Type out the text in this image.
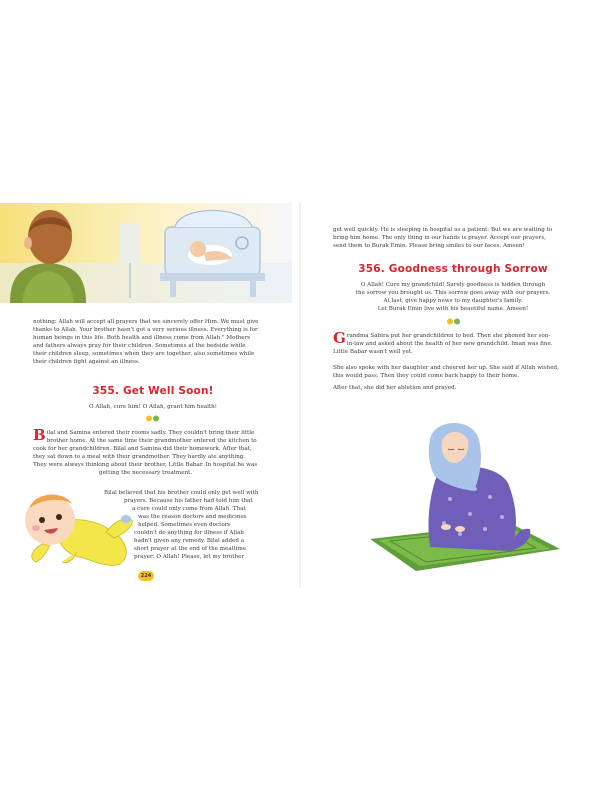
nothing: Allah will accept all prayers that we sincerely offer Him. We must give
thanks to Allah. Your brother hasn't got a very serious illness. Everything is for
human beings in this life. Both health and illness come from Allah." Mothers
and fathers always pray for their children. Sometimes at the bedside while
their children sleep, sometimes when they are together, also sometimes while
their children fight against an illness.
355. Get Well Soon!
O Allah, cure him! O Allah, grant him health!
B ilal and Samina entered their rooms sadly. They couldn't bring their little
brother home. At the same time their grandmother entered the kitchen to
cook for her grandchildren. Bilal and Samina did their homework. After that,
they sat down to a meal with their grandmother. They hardly ate anything.
They were always thinking about their brother, Little Babar. In hospital he was
getting the necessary treatment.
Bilal believed that his brother could only get well with
prayers. Because his father had told him that
a cure could only come from Allah. That
was the reason doctors and medicines
helped. Sometimes even doctors
couldn't do anything for illness if Allah
hadn't given any remedy. Bilal added a
short prayer at the end of the mealtime
prayer: O Allah! Please, let my brother
224
get well quickly. He is sleeping in hospital as a patient. But we are waiting to
bring him home. The only thing in our hands is prayer. Accept our prayers,
send them to Burak Emin. Please bring smiles to our faces. Ameen!
356. Goodness through Sorrow
O Allah! Cure my grandchild! Surely goodness is hidden through
the sorrow you brought us. This sorrow goes away with our prayers.
At last, give happy news to my daughter's family.
Let Burak Emin live with his beautiful name. Ameen!
G randma Sabira put her grandchildren to bed. Then she phoned her son-
in-law and asked about the health of her new grandchild. Iman was fine.
Little Babar wasn't well yet.
She also spoke with her daughter and cheered her up. She said if Allah wished,
this would pass. Then they could come back happy to their home.
After that, she did her ablution and prayed.
